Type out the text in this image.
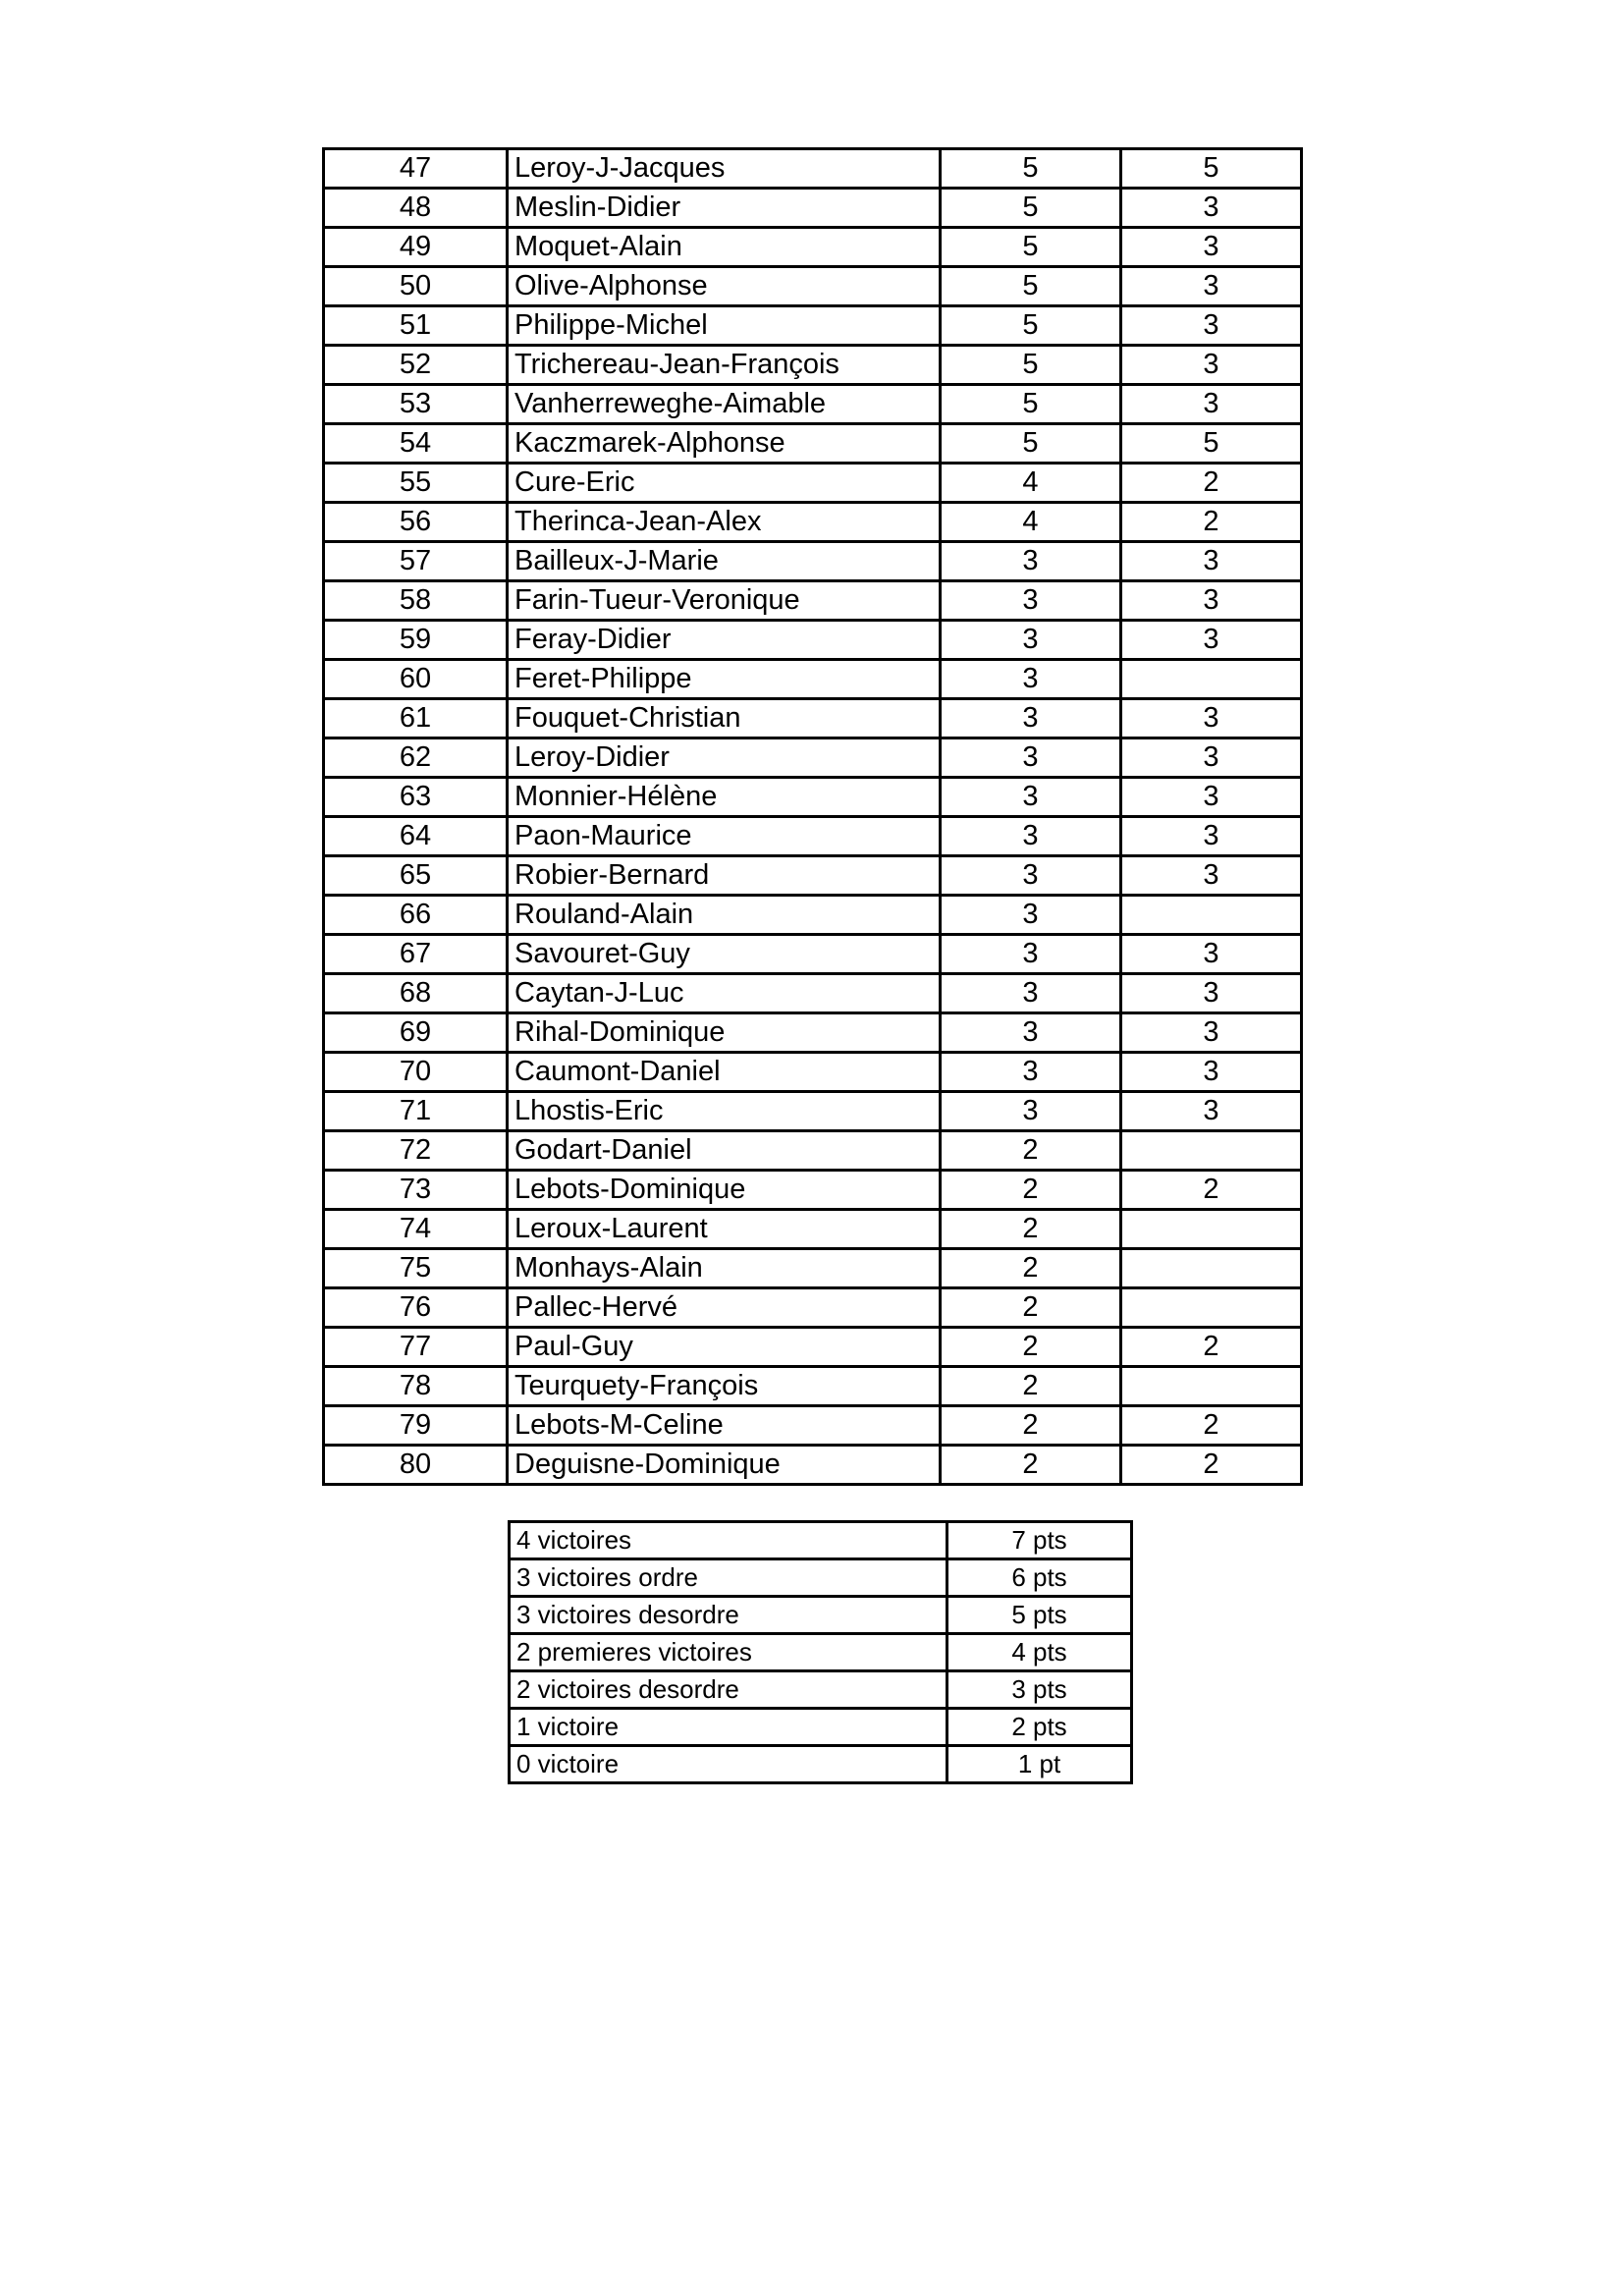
47	Leroy-J-Jacques	5	5
48	Meslin-Didier	5	3
49	Moquet-Alain	5	3
50	Olive-Alphonse	5	3
51	Philippe-Michel	5	3
52	Trichereau-Jean-François	5	3
53	Vanherreweghe-Aimable	5	3
54	Kaczmarek-Alphonse	5	5
55	Cure-Eric	4	2
56	Therinca-Jean-Alex	4	2
57	Bailleux-J-Marie	3	3
58	Farin-Tueur-Veronique	3	3
59	Feray-Didier	3	3
60	Feret-Philippe	3	
61	Fouquet-Christian	3	3
62	Leroy-Didier	3	3
63	Monnier-Hélène	3	3
64	Paon-Maurice	3	3
65	Robier-Bernard	3	3
66	Rouland-Alain	3	
67	Savouret-Guy	3	3
68	Caytan-J-Luc	3	3
69	Rihal-Dominique	3	3
70	Caumont-Daniel	3	3
71	Lhostis-Eric	3	3
72	Godart-Daniel	2	
73	Lebots-Dominique	2	2
74	Leroux-Laurent	2	
75	Monhays-Alain	2	
76	Pallec-Hervé	2	
77	Paul-Guy	2	2
78	Teurquety-François	2	
79	Lebots-M-Celine	2	2
80	Deguisne-Dominique	2	2
4 victoires	7 pts
3 victoires ordre	6 pts
3 victoires desordre	5 pts
2 premieres victoires	4 pts
2 victoires desordre	3 pts
1 victoire	2 pts
0 victoire	1 pt
